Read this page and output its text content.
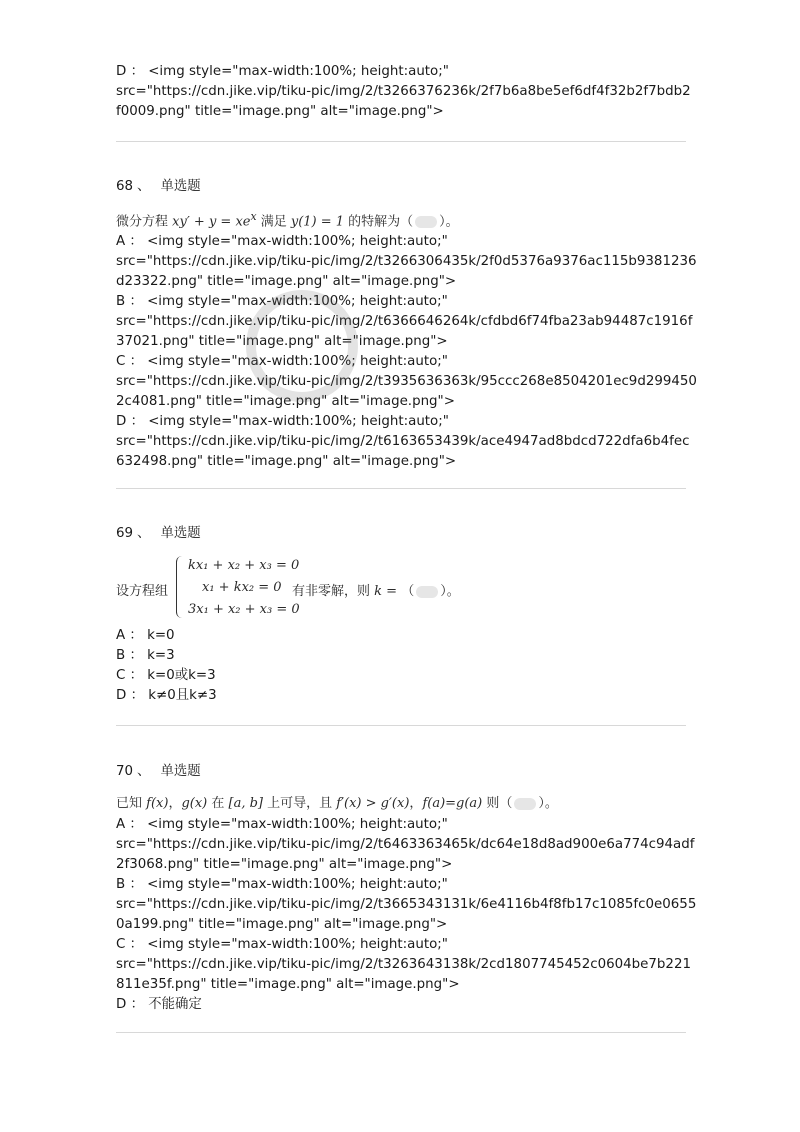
D ： <img style="max-width:100%; height:auto;"
src="https://cdn.jike.vip/tiku-pic/img/2/t3266376236k/2f7b6a8be5ef6df4f32b2f7bdb2
f0009.png" title="image.png" alt="image.png">
68 、 单选题
微分方程 $xy' + y = xe^x$ 满足 y(1) = 1 的特解为（ ）。
A ： <img style="max-width:100%; height:auto;"
src="https://cdn.jike.vip/tiku-pic/img/2/t3266306435k/2f0d5376a9376ac115b9381236
d23322.png" title="image.png" alt="image.png">
B ： <img style="max-width:100%; height:auto;"
src="https://cdn.jike.vip/tiku-pic/img/2/t6366646264k/cfdbd6f74fba23ab94487c1916f
37021.png" title="image.png" alt="image.png">
C ： <img style="max-width:100%; height:auto;"
src="https://cdn.jike.vip/tiku-pic/img/2/t3935636363k/95ccc268e8504201ec9d299450
2c4081.png" title="image.png" alt="image.png">
D ： <img style="max-width:100%; height:auto;"
src="https://cdn.jike.vip/tiku-pic/img/2/t6163653439k/ace4947ad8bdcd722dfa6b4fec
632498.png" title="image.png" alt="image.png">
69 、 单选题
设方程组
kx₁ + x₂ + x₃ = 0
x₁ + kx₂ = 0
3x₁ + x₂ + x₃ = 0
有非零解，则 k = （ ）。
A ： k=0
B ： k=3
C ： k=0或k=3
D ： k≠0且k≠3
70 、 单选题
已知 f(x)，g(x) 在 [a, b] 上可导，且 f′(x) > g′(x)，f(a)=g(a) 则（ ）。
A ： <img style="max-width:100%; height:auto;"
src="https://cdn.jike.vip/tiku-pic/img/2/t6463363465k/dc64e18d8ad900e6a774c94adf
2f3068.png" title="image.png" alt="image.png">
B ： <img style="max-width:100%; height:auto;"
src="https://cdn.jike.vip/tiku-pic/img/2/t3665343131k/6e4116b4f8fb17c1085fc0e0655
0a199.png" title="image.png" alt="image.png">
C ： <img style="max-width:100%; height:auto;"
src="https://cdn.jike.vip/tiku-pic/img/2/t3263643138k/2cd1807745452c0604be7b221
811e35f.png" title="image.png" alt="image.png">
D ： 不能确定
